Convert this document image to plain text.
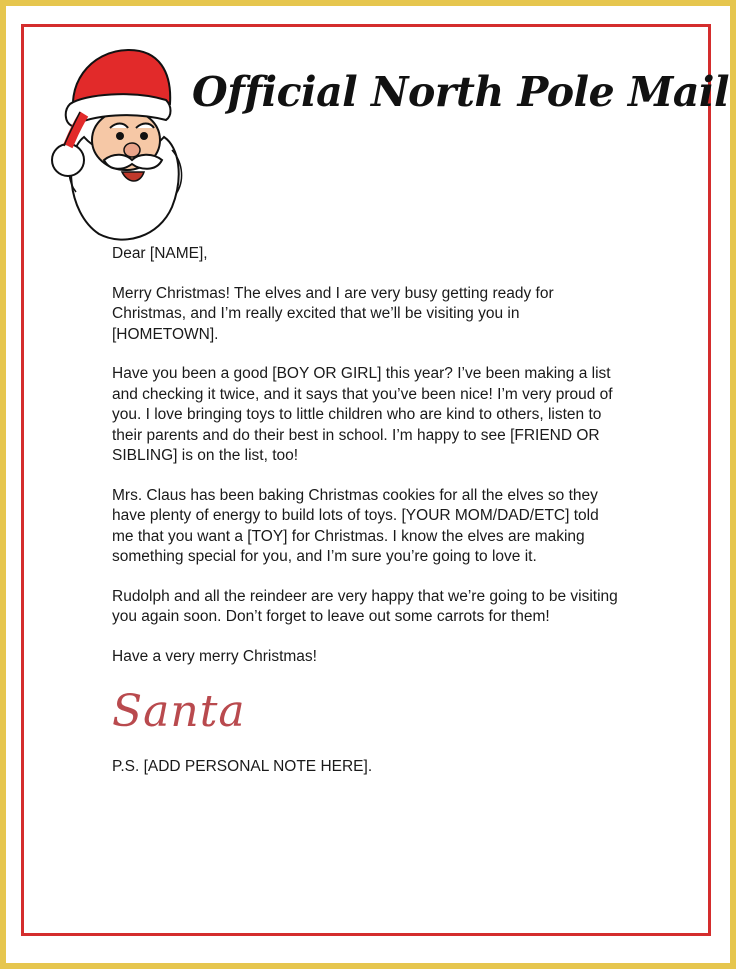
Official North Pole Mail

Dear [NAME],

Merry Christmas! The elves and I are very busy getting ready for Christmas, and I’m really excited that we’ll be visiting you in [HOMETOWN].

Have you been a good [BOY OR GIRL] this year? I’ve been making a list and checking it twice, and it says that you’ve been nice! I’m very proud of you. I love bringing toys to little children who are kind to others, listen to their parents and do their best in school. I’m happy to see [FRIEND OR SIBLING] is on the list, too!

Mrs. Claus has been baking Christmas cookies for all the elves so they have plenty of energy to build lots of toys. [YOUR MOM/DAD/ETC] told me that you want a [TOY] for Christmas. I know the elves are making something special for you, and I’m sure you’re going to love it.

Rudolph and all the reindeer are very happy that we’re going to be visiting you again soon. Don’t forget to leave out some carrots for them!

Have a very merry Christmas!

Santa

P.S. [ADD PERSONAL NOTE HERE].
